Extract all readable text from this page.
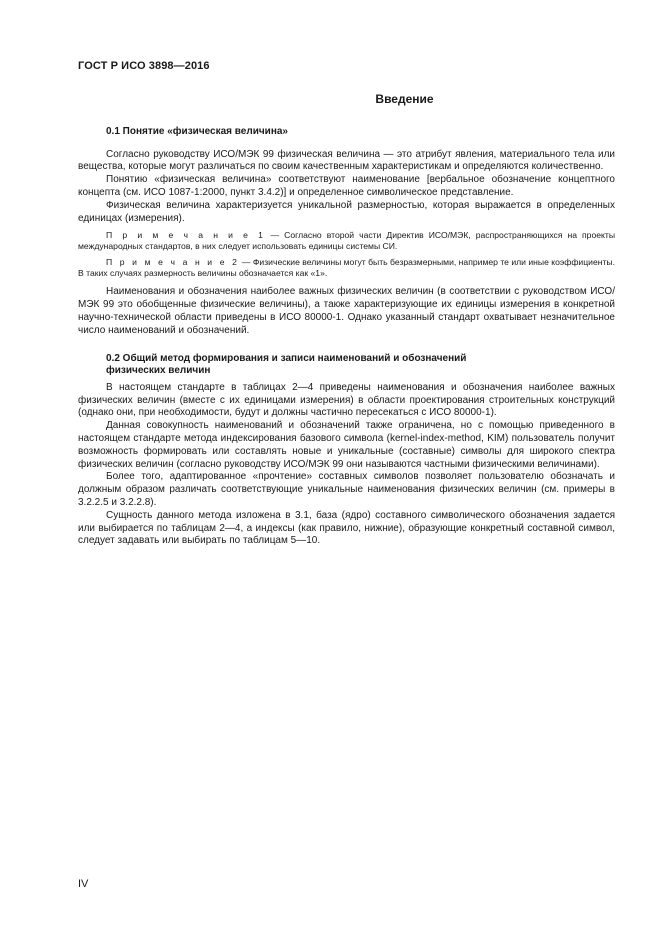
ГОСТ Р ИСО 3898—2016
Введение
0.1 Понятие «физическая величина»

Согласно руководству ИСО/МЭК 99 физическая величина — это атрибут явления, материального тела или вещества, которые могут различаться по своим качественным характеристикам и определяются количественно.

Понятию «физическая величина» соответствуют наименование [вербальное обозначение концептного концепта (см. ИСО 1087-1:2000, пункт 3.4.2)] и определенное символическое представление.

Физическая величина характеризуется уникальной размерностью, которая выражается в определенных единицах (измерения).

П р и м е ч а н и е 1 — Согласно второй части Директив ИСО/МЭК, распространяющихся на проекты международных стандартов, в них следует использовать единицы системы СИ.
П р и м е ч а н и е 2 — Физические величины могут быть безразмерными, например те или иные коэффициенты. В таких случаях размерность величины обозначается как «1».

Наименования и обозначения наиболее важных физических величин (в соответствии с руководством ИСО/МЭК 99 это обобщенные физические величины), а также характеризующие их единицы измерения в конкретной научно-технической области приведены в ИСО 80000-1. Однако указанный стандарт охватывает незначительное число наименований и обозначений.

0.2 Общий метод формирования и записи наименований и обозначений
физических величин

В настоящем стандарте в таблицах 2—4 приведены наименования и обозначения наиболее важных физических величин (вместе с их единицами измерения) в области проектирования строительных конструкций (однако они, при необходимости, будут и должны частично пересекаться с ИСО 80000-1).

Данная совокупность наименований и обозначений также ограничена, но с помощью приведенного в настоящем стандарте метода индексирования базового символа (kernel-index-method, KIM) пользователь получит возможность формировать или составлять новые и уникальные (составные) символы для широкого спектра физических величин (согласно руководству ИСО/МЭК 99 они называются частными физическими величинами).

Более того, адаптированное «прочтение» составных символов позволяет пользователю обозначать и должным образом различать соответствующие уникальные наименования физических величин (см. примеры в 3.2.2.5 и 3.2.2.8).

Сущность данного метода изложена в 3.1, база (ядро) составного символического обозначения задается или выбирается по таблицам 2—4, а индексы (как правило, нижние), образующие конкретный составной символ, следует задавать или выбирать по таблицам 5—10.

IV
